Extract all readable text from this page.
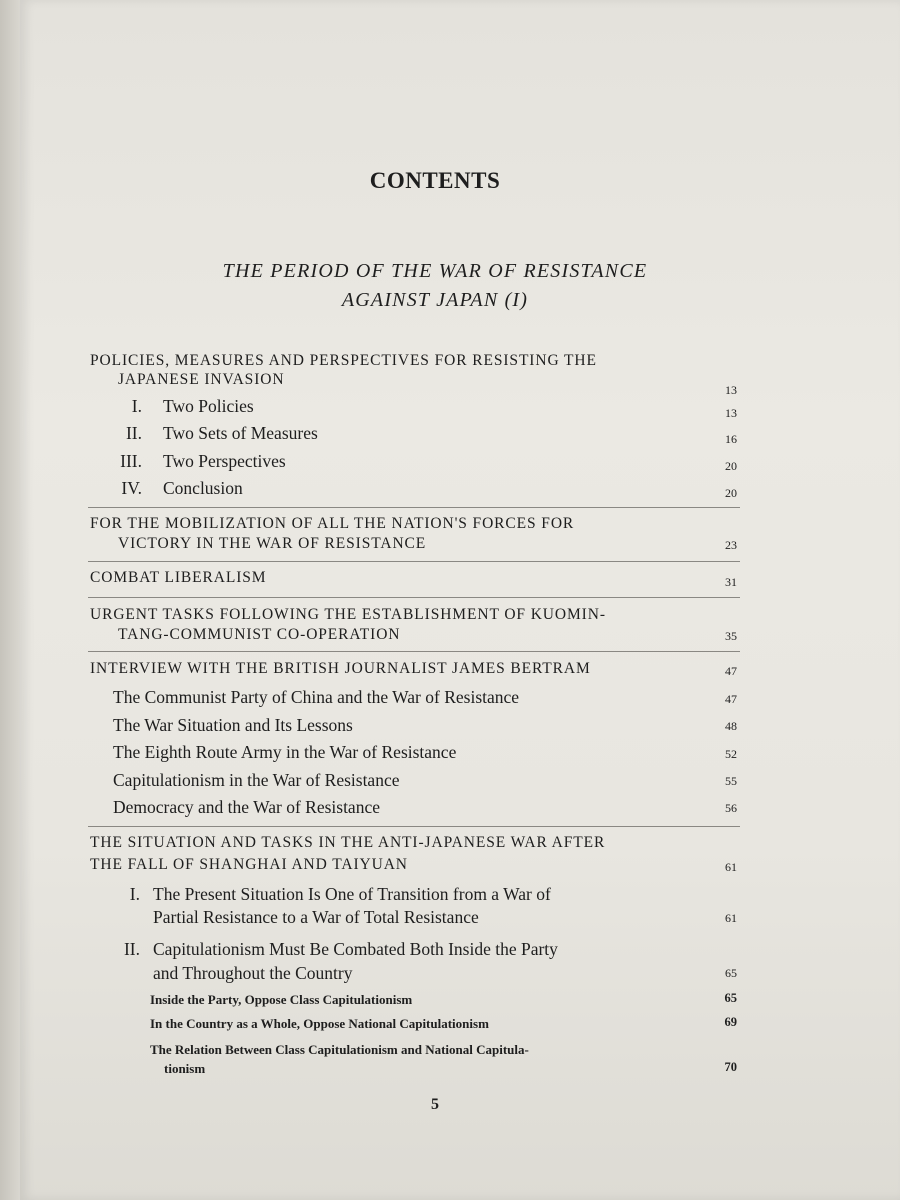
CONTENTS
THE PERIOD OF THE WAR OF RESISTANCE
AGAINST JAPAN (I)
POLICIES, MEASURES AND PERSPECTIVES FOR RESISTING THE
JAPANESE INVASION
13
I. Two Policies	13
II. Two Sets of Measures	16
III. Two Perspectives	20
IV. Conclusion	20
FOR THE MOBILIZATION OF ALL THE NATION'S FORCES FOR
VICTORY IN THE WAR OF RESISTANCE	23
COMBAT LIBERALISM	31
URGENT TASKS FOLLOWING THE ESTABLISHMENT OF KUOMIN-
TANG-COMMUNIST CO-OPERATION	35
INTERVIEW WITH THE BRITISH JOURNALIST JAMES BERTRAM	47
The Communist Party of China and the War of Resistance	47
The War Situation and Its Lessons	48
The Eighth Route Army in the War of Resistance	52
Capitulationism in the War of Resistance	55
Democracy and the War of Resistance	56
THE SITUATION AND TASKS IN THE ANTI-JAPANESE WAR AFTER
THE FALL OF SHANGHAI AND TAIYUAN	61
I. The Present Situation Is One of Transition from a War of
Partial Resistance to a War of Total Resistance	61
II. Capitulationism Must Be Combated Both Inside the Party
and Throughout the Country	65
Inside the Party, Oppose Class Capitulationism	65
In the Country as a Whole, Oppose National Capitulationism	69
The Relation Between Class Capitulationism and National Capitula-
tionism	70
5
